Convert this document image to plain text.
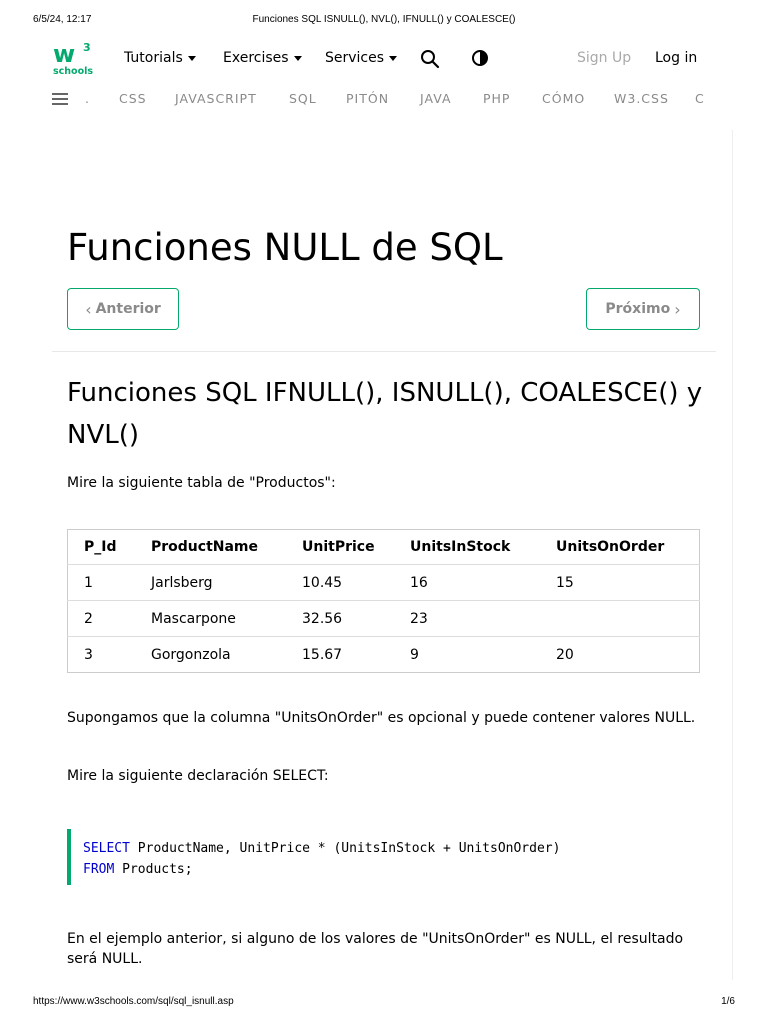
6/5/24, 12:17	Funciones SQL ISNULL(), NVL(), IFNULL() y COALESCE()
w 3
schools
Tutorials	Exercises	Services	Sign Up Log in
. CSS JAVASCRIPT	SQL PITÓN JAVA	PHP	CÓMO W3.CSS C
Funciones NULL de SQL
‹ Anterior	Próximo ›
Funciones SQL IFNULL(), ISNULL(), COALESCE() y NVL()

Mire la siguiente tabla de "Productos":

P_Id	ProductName	UnitPrice	UnitsInStock	UnitsOnOrder
1	Jarlsberg	10.45	16	15
2	Mascarpone	32.56	23	
3	Gorgonzola	15.67	9	20

Supongamos que la columna "UnitsOnOrder" es opcional y puede contener valores NULL.

Mire la siguiente declaración SELECT:

SELECT ProductName, UnitPrice * (UnitsInStock + UnitsOnOrder)
FROM Products;

En el ejemplo anterior, si alguno de los valores de "UnitsOnOrder" es NULL, el resultado será NULL.

https://www.w3schools.com/sql/sql_isnull.asp	1/6
